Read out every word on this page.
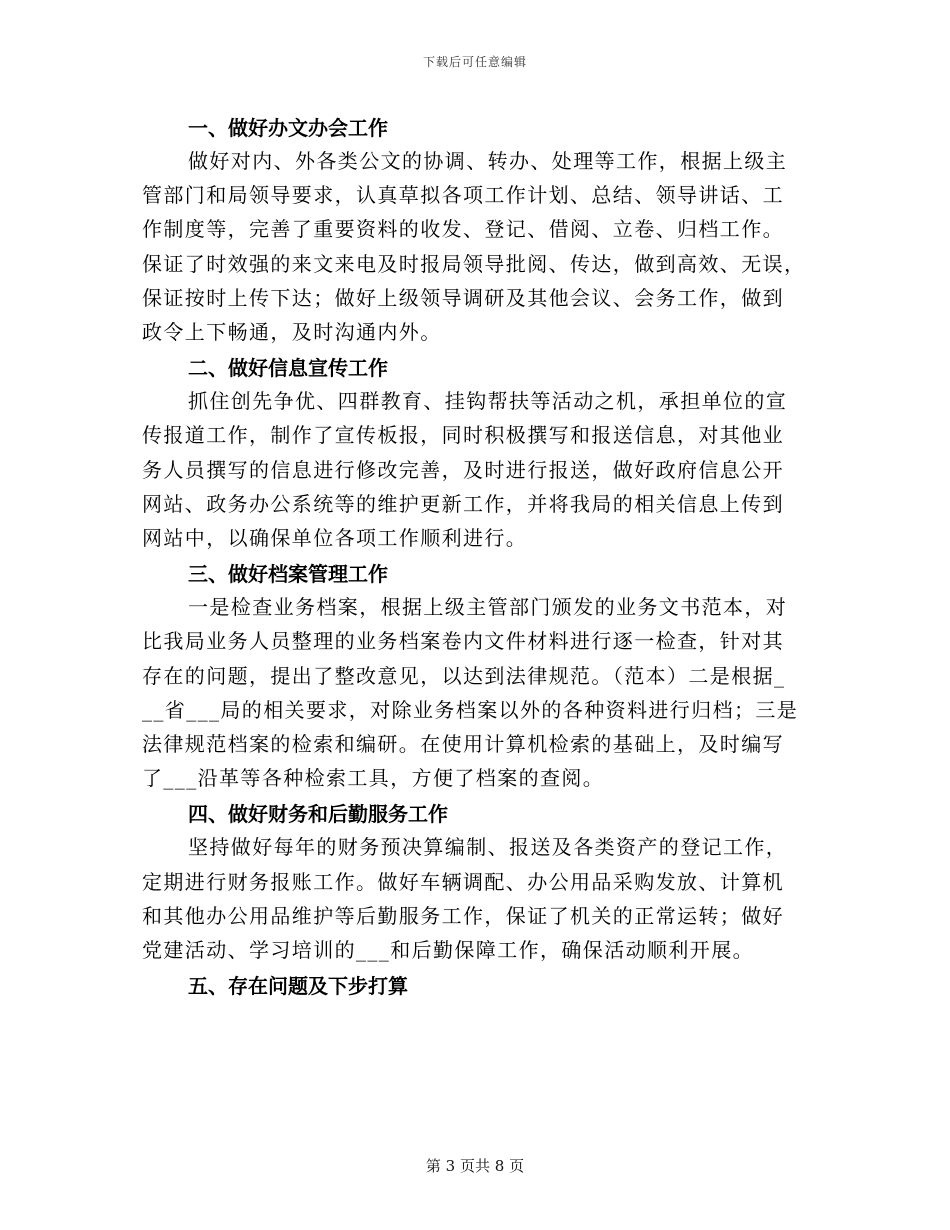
下载后可任意编辑
一、做好办文办会工作

做好对内、外各类公文的协调、转办、处理等工作，根据上级主
管部门和局领导要求，认真草拟各项工作计划、总结、领导讲话、工
作制度等，完善了重要资料的收发、登记、借阅、立卷、归档工作。
保证了时效强的来文来电及时报局领导批阅、传达，做到高效、无误，
保证按时上传下达；做好上级领导调研及其他会议、会务工作，做到
政令上下畅通，及时沟通内外。

二、做好信息宣传工作

抓住创先争优、四群教育、挂钩帮扶等活动之机，承担单位的宣
传报道工作，制作了宣传板报，同时积极撰写和报送信息，对其他业
务人员撰写的信息进行修改完善，及时进行报送，做好政府信息公开
网站、政务办公系统等的维护更新工作，并将我局的相关信息上传到
网站中，以确保单位各项工作顺利进行。

三、做好档案管理工作

一是检查业务档案，根据上级主管部门颁发的业务文书范本，对
比我局业务人员整理的业务档案卷内文件材料进行逐一检查，针对其
存在的问题，提出了整改意见，以达到法律规范。（范本）二是根据_
__省___局的相关要求，对除业务档案以外的各种资料进行归档；三是
法律规范档案的检索和编研。在使用计算机检索的基础上，及时编写
了___沿革等各种检索工具，方便了档案的查阅。

四、做好财务和后勤服务工作

坚持做好每年的财务预决算编制、报送及各类资产的登记工作，
定期进行财务报账工作。做好车辆调配、办公用品采购发放、计算机
和其他办公用品维护等后勤服务工作，保证了机关的正常运转；做好
党建活动、学习培训的___和后勤保障工作，确保活动顺利开展。

五、存在问题及下步打算
第 3 页共 8 页
